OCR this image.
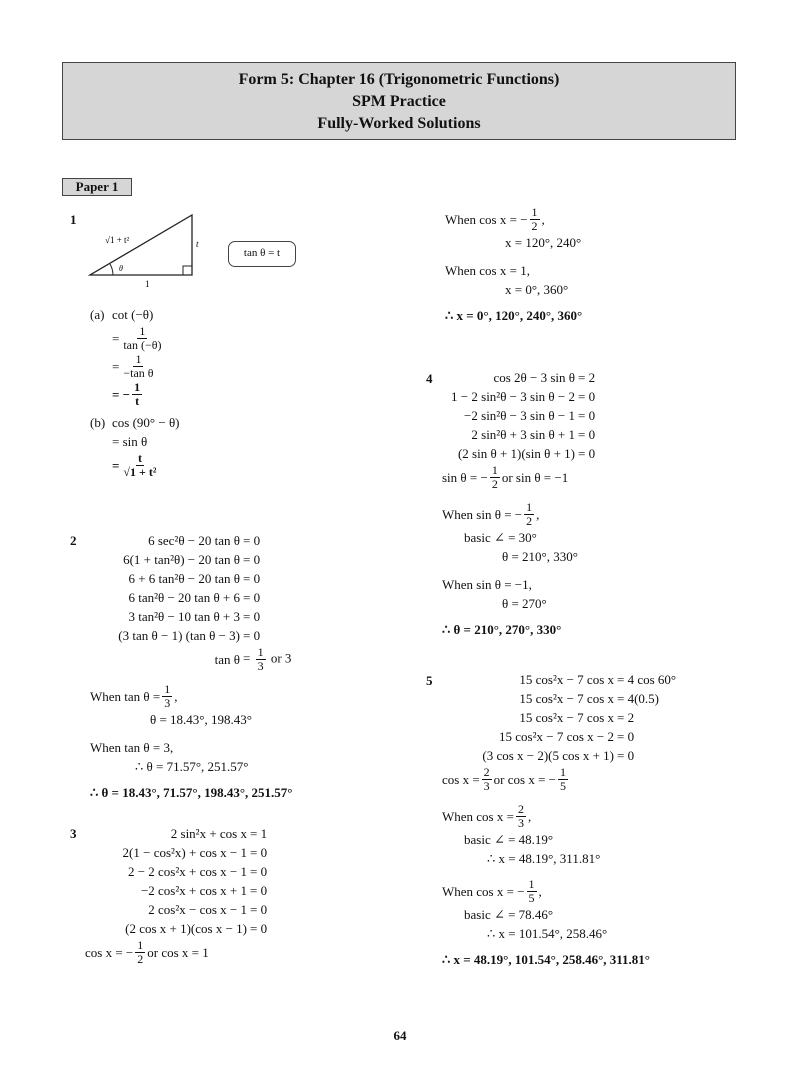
Form 5: Chapter 16 (Trigonometric Functions)
SPM Practice
Fully-Worked Solutions
Paper 1
1
√1 + t²	t
1
θ
tan θ = t
(a) cot (−θ)
= $\frac{1}{\tan (-\theta)}$
= $\frac{1}{\text{−tan θ}}$
= − $\frac{1}{t}$
(b) cos (90° − θ)
= sin θ
= $\frac{t}{\text{√1 + t²}}$
2	6 sec²θ − 20 tan θ = 0
6(1 + tan²θ) − 20 tan θ = 0
6 + 6 tan²θ − 20 tan θ = 0
6 tan²θ − 20 tan θ + 6 = 0
3 tan²θ − 10 tan θ + 3 = 0
(3 tan θ − 1) (tan θ − 3) = 0
$\tan \theta = \frac{1}{3}$ or 3
When $\tan \theta = \frac{1}{3}$ ,
θ = 18.43°, 198.43°
When tan θ = 3,
∴ θ = 71.57°, 251.57°
∴ θ = 18.43°, 71.57°, 198.43°, 251.57°
3	2 sin²x + cos x = 1
2(1 − cos²x) + cos x − 1 = 0
2 − 2 cos²x + cos x − 1 = 0
−2 cos²x + cos x + 1 = 0
2 cos²x − cos x − 1 = 0
(2 cos x + 1)(cos x − 1) = 0
cos x = − $\frac{1}{2}$ or cos x = 1
4	cos 2θ − 3 sin θ = 2
1 − 2 sin²θ − 3 sin θ − 2 = 0
−2 sin²θ − 3 sin θ − 1 = 0
2 sin²θ + 3 sin θ + 1 = 0
(2 sin θ + 1)(sin θ + 1) = 0
sin θ = − $\frac{1}{2}$ or sin θ = −1
When sin θ = − $\frac{1}{2}$ ,
basic ∠ = 30°
θ = 210°, 330°
When sin θ = −1,
θ = 270°
∴ θ = 210°, 270°, 330°
5	15 cos²x − 7 cos x = 4 cos 60°
15 cos²x − 7 cos x = 4(0.5)
15 cos²x − 7 cos x = 2
15 cos²x − 7 cos x − 2 = 0
(3 cos x − 2)(5 cos x + 1) = 0
$\cos x = \frac{2}{3}$ or cos x = − $\frac{1}{5}$
When $\cos x = \frac{2}{3}$ ,
basic ∠ = 48.19°
∴ x = 48.19°, 311.81°
When cos x = − $\frac{1}{5}$ ,
basic ∠ = 78.46°
∴ x = 101.54°, 258.46°
∴ x = 48.19°, 101.54°, 258.46°, 311.81°
When cos x = − $\frac{1}{2}$ ,
x = 120°, 240°
When cos x = 1,
x = 0°, 360°
∴ x = 0°, 120°, 240°, 360°
64
